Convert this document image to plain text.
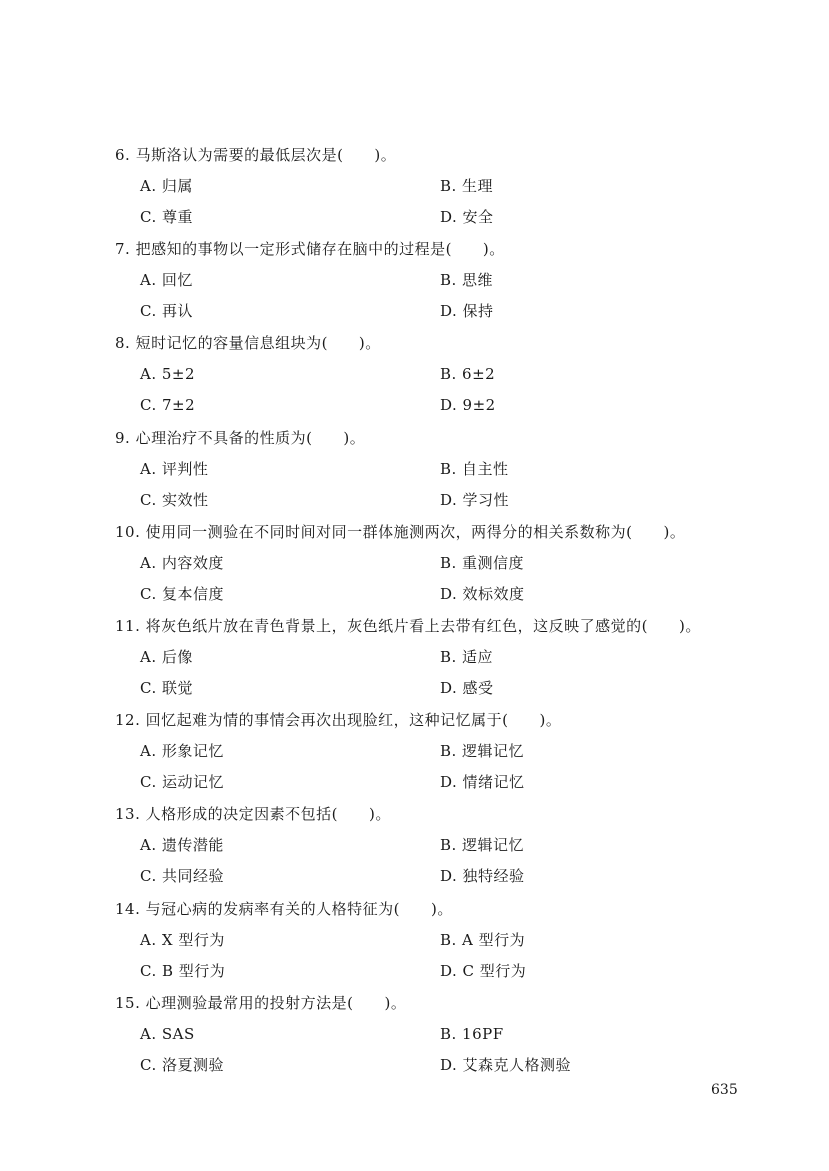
6. 马斯洛认为需要的最低层次是(　　)。
A. 归属	B. 生理
C. 尊重	D. 安全
7. 把感知的事物以一定形式储存在脑中的过程是(　　)。
A. 回忆	B. 思维
C. 再认	D. 保持
8. 短时记忆的容量信息组块为(　　)。
A. 5±2	B. 6±2
C. 7±2	D. 9±2
9. 心理治疗不具备的性质为(　　)。
A. 评判性	B. 自主性
C. 实效性	D. 学习性
10. 使用同一测验在不同时间对同一群体施测两次，两得分的相关系数称为(　　)。
A. 内容效度	B. 重测信度
C. 复本信度	D. 效标效度
11. 将灰色纸片放在青色背景上，灰色纸片看上去带有红色，这反映了感觉的(　　)。
A. 后像	B. 适应
C. 联觉	D. 感受
12. 回忆起难为情的事情会再次出现脸红，这种记忆属于(　　)。
A. 形象记忆	B. 逻辑记忆
C. 运动记忆	D. 情绪记忆
13. 人格形成的决定因素不包括(　　)。
A. 遗传潜能	B. 逻辑记忆
C. 共同经验	D. 独特经验
14. 与冠心病的发病率有关的人格特征为(　　)。
A. X 型行为	B. A 型行为
C. B 型行为	D. C 型行为
15. 心理测验最常用的投射方法是(　　)。
A. SAS	B. 16PF
C. 洛夏测验	D. 艾森克人格测验
635
